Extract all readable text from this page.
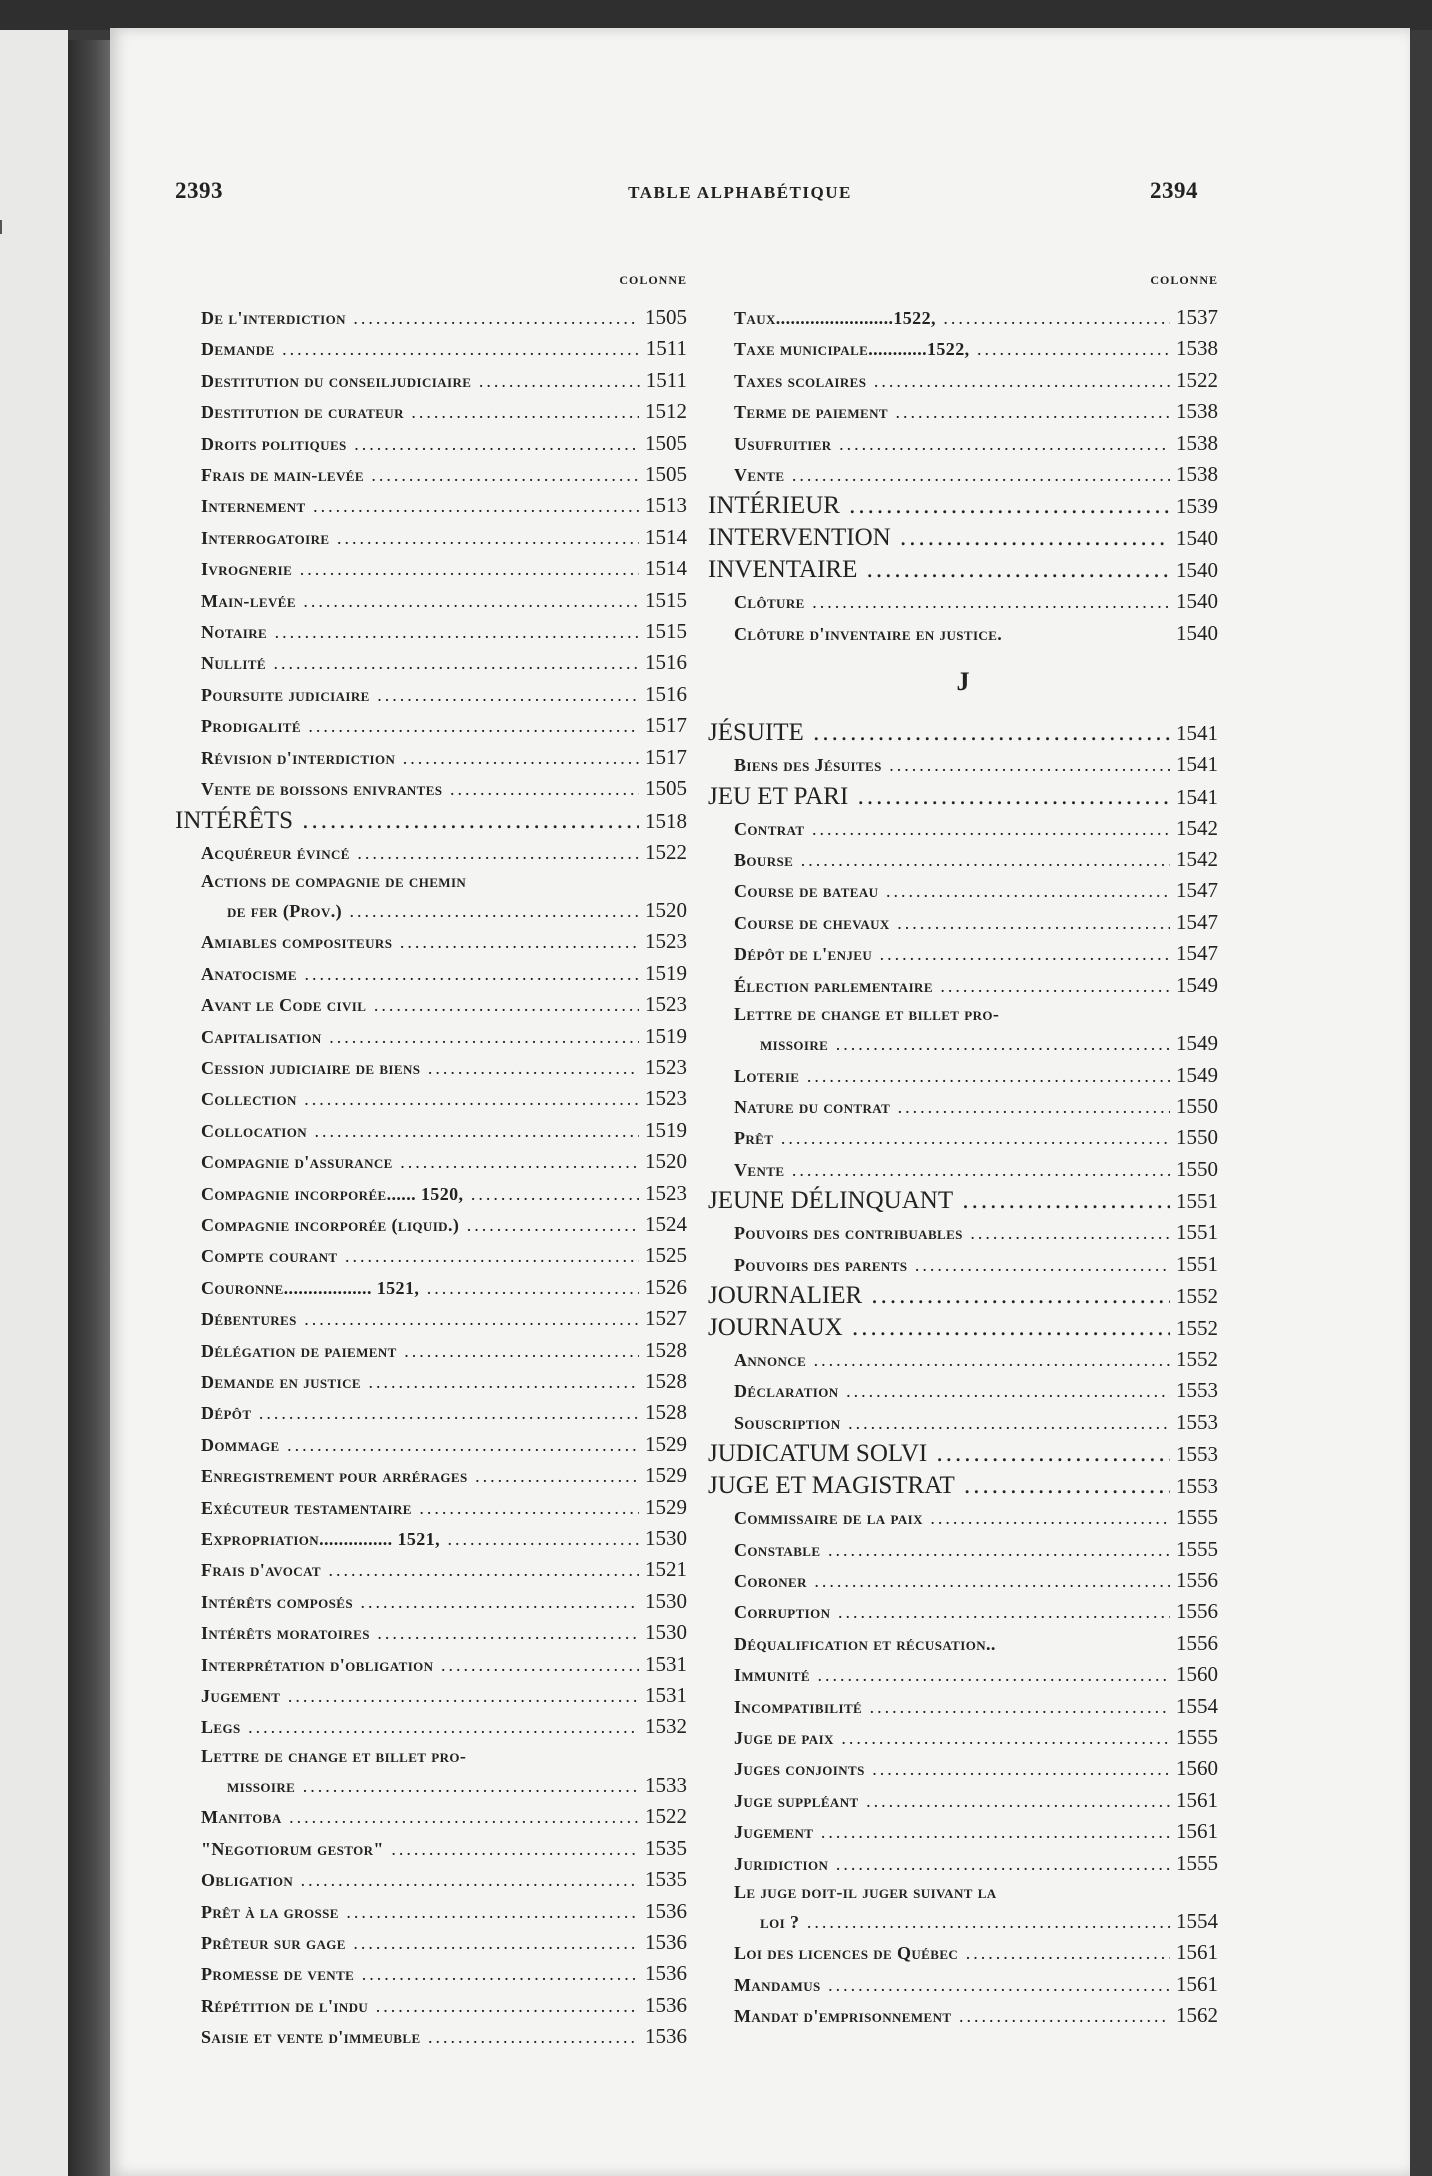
2393	TABLE ALPHABÉTIQUE	2394
COLONNE
De l'interdiction .....	1505
Demande .....	1511
Destitution du conseiljudiciaire .....	1511
Destitution de curateur .....	1512
Droits politiques .....	1505
Frais de main-levée .....	1505
Internement .....	1513
Interrogatoire .....	1514
Ivrognerie .....	1514
Main-levée .....	1515
Notaire .....	1515
Nullité .....	1516
Poursuite judiciaire .....	1516
Prodigalité .....	1517
Révision d'interdiction .....	1517
Vente de boissons enivrantes .....	1505
INTÉRÊTS .....	1518
Acquéreur évincé .....	1522
Actions de compagnie de chemin
de fer (Prov.) .....	1520
Amiables compositeurs .....	1523
Anatocisme .....	1519
Avant le Code civil .....	1523
Capitalisation .....	1519
Cession judiciaire de biens .....	1523
Collection .....	1523
Collocation .....	1519
Compagnie d'assurance .....	1520
Compagnie incorporée...... 1520, .....	1523
Compagnie incorporée (liquid.) .....	1524
Compte courant .....	1525
Couronne.................. 1521, .....	1526
Débentures .....	1527
Délégation de paiement .....	1528
Demande en justice .....	1528
Dépôt .....	1528
Dommage .....	1529
Enregistrement pour arrérages .....	1529
Exécuteur testamentaire .....	1529
Expropriation............... 1521, .....	1530
Frais d'avocat .....	1521
Intérêts composés .....	1530
Intérêts moratoires .....	1530
Interprétation d'obligation .....	1531
Jugement .....	1531
Legs .....	1532
Lettre de change et billet pro-
missoire .....	1533
Manitoba .....	1522
"Negotiorum gestor" .....	1535
Obligation .....	1535
Prêt à la grosse .....	1536
Prêteur sur gage .....	1536
Promesse de vente .....	1536
Répétition de l'indu .....	1536
Saisie et vente d'immeuble .....	1536
COLONNE
Taux........................1522, .....	1537
Taxe municipale............1522, .....	1538
Taxes scolaires .....	1522
Terme de paiement .....	1538
Usufruitier .....	1538
Vente .....	1538
INTÉRIEUR .....	1539
INTERVENTION .....	1540
INVENTAIRE .....	1540
Clôture .....	1540
Clôture d'inventaire en justice.	1540
J
JÉSUITE .....	1541
Biens des Jésuites .....	1541
JEU ET PARI .....	1541
Contrat .....	1542
Bourse .....	1542
Course de bateau .....	1547
Course de chevaux .....	1547
Dépôt de l'enjeu .....	1547
Élection parlementaire .....	1549
Lettre de change et billet pro-
missoire .....	1549
Loterie .....	1549
Nature du contrat .....	1550
Prêt .....	1550
Vente .....	1550
JEUNE DÉLINQUANT .....	1551
Pouvoirs des contribuables .....	1551
Pouvoirs des parents .....	1551
JOURNALIER .....	1552
JOURNAUX .....	1552
Annonce .....	1552
Déclaration .....	1553
Souscription .....	1553
JUDICATUM SOLVI .....	1553
JUGE ET MAGISTRAT .....	1553
Commissaire de la paix .....	1555
Constable .....	1555
Coroner .....	1556
Corruption .....	1556
Déqualification et récusation..	1556
Immunité .....	1560
Incompatibilité .....	1554
Juge de paix .....	1555
Juges conjoints .....	1560
Juge suppléant .....	1561
Jugement .....	1561
Juridiction .....	1555
Le juge doit-il juger suivant la
loi ? .....	1554
Loi des licences de Québec .....	1561
Mandamus .....	1561
Mandat d'emprisonnement .....	1562
